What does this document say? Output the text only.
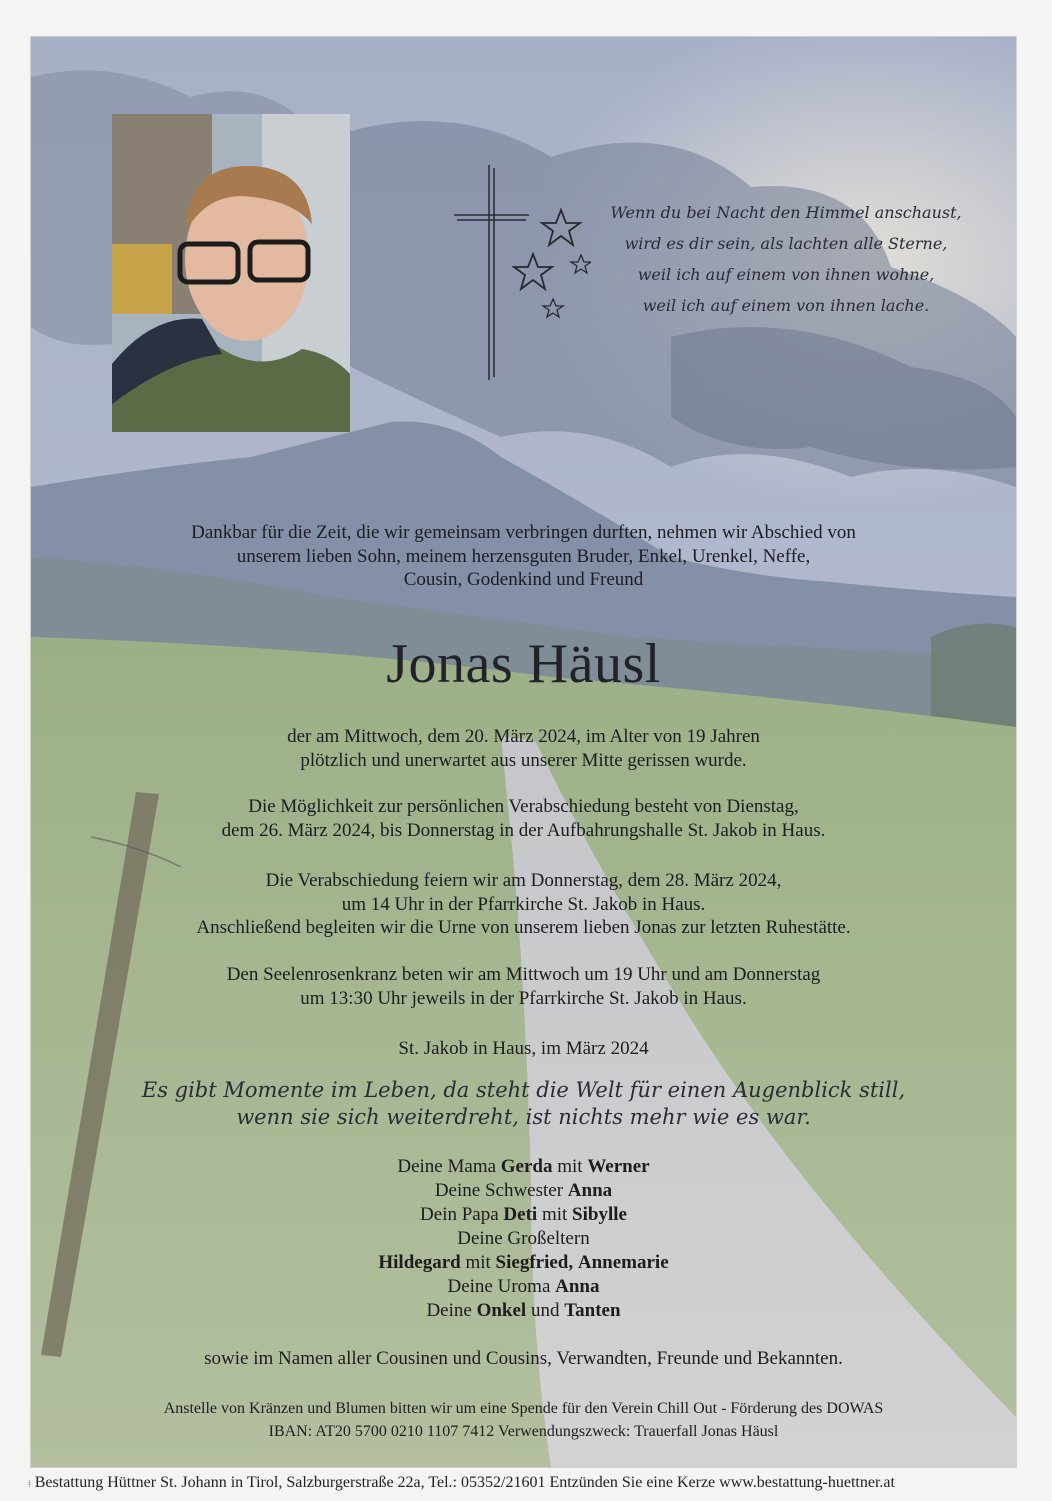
Wenn du bei Nacht den Himmel anschaust,
wird es dir sein, als lachten alle Sterne,
weil ich auf einem von ihnen wohne,
weil ich auf einem von ihnen lache.
Dankbar für die Zeit, die wir gemeinsam verbringen durften, nehmen wir Abschied von
unserem lieben Sohn, meinem herzensguten Bruder, Enkel, Urenkel, Neffe,
Cousin, Godenkind und Freund
Jonas Häusl
der am Mittwoch, dem 20. März 2024, im Alter von 19 Jahren
plötzlich und unerwartet aus unserer Mitte gerissen wurde.
Die Möglichkeit zur persönlichen Verabschiedung besteht von Dienstag,
dem 26. März 2024, bis Donnerstag in der Aufbahrungshalle St. Jakob in Haus.
Die Verabschiedung feiern wir am Donnerstag, dem 28. März 2024,
um 14 Uhr in der Pfarrkirche St. Jakob in Haus.
Anschließend begleiten wir die Urne von unserem lieben Jonas zur letzten Ruhestätte.
Den Seelenrosenkranz beten wir am Mittwoch um 19 Uhr und am Donnerstag
um 13:30 Uhr jeweils in der Pfarrkirche St. Jakob in Haus.
St. Jakob in Haus, im März 2024
Es gibt Momente im Leben, da steht die Welt für einen Augenblick still,
wenn sie sich weiterdreht, ist nichts mehr wie es war.
Deine Mama Gerda mit Werner
Deine Schwester Anna
Dein Papa Deti mit Sibylle
Deine Großeltern
Hildegard mit Siegfried, Annemarie
Deine Uroma Anna
Deine Onkel und Tanten
sowie im Namen aller Cousinen und Cousins, Verwandten, Freunde und Bekannten.
Anstelle von Kränzen und Blumen bitten wir um eine Spende für den Verein Chill Out - Förderung des DOWAS
IBAN: AT20 5700 0210 1107 7412 Verwendungszweck: Trauerfall Jonas Häusl
ǂ Bestattung Hüttner St. Johann in Tirol, Salzburgerstraße 22a, Tel.: 05352/21601 Entzünden Sie eine Kerze www.bestattung-huettner.at
